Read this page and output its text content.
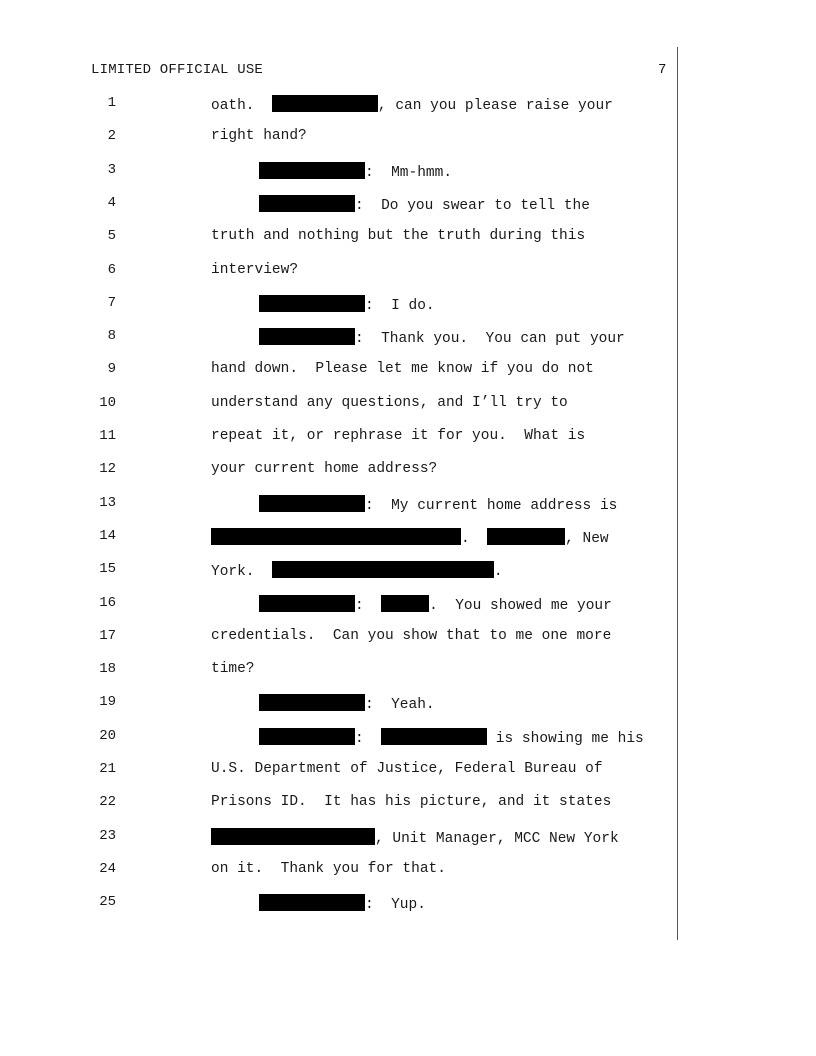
LIMITED OFFICIAL USE	7
1	oath.	, can you please raise your
2	right hand?
3	:  Mm-hmm.
4	:  Do you swear to tell the
5	truth and nothing but the truth during this
6	interview?
7	:  I do.
8	:  Thank you.  You can put your
9	hand down.  Please let me know if you do not
10	understand any questions, and I’ll try to
11	repeat it, or rephrase it for you.  What is
12	your current home address?
13	:  My current home address is
14	.	, New
15	York.	.
16	:	.  You showed me your
17	credentials.  Can you show that to me one more
18	time?
19	:  Yeah.
20	:	is showing me his
21	U.S. Department of Justice, Federal Bureau of
22	Prisons ID.  It has his picture, and it states
23	, Unit Manager, MCC New York
24	on it.  Thank you for that.
25	:  Yup.
